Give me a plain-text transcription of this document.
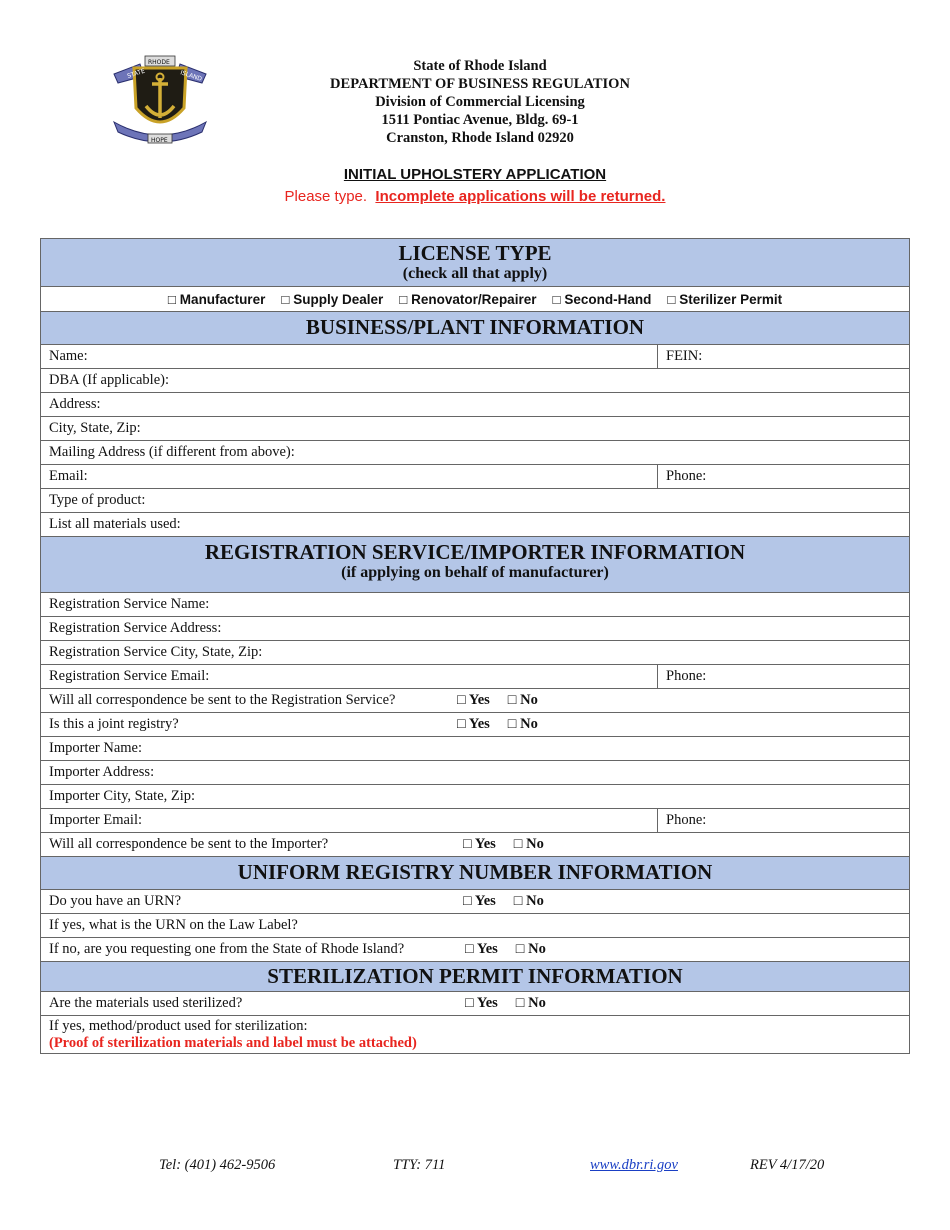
STATE
RHODE
ISLAND
HOPE
State of Rhode Island
DEPARTMENT OF BUSINESS REGULATION
Division of Commercial Licensing
1511 Pontiac Avenue, Bldg. 69-1
Cranston, Rhode Island 02920
INITIAL UPHOLSTERY APPLICATION
Please type. Incomplete applications will be returned.
LICENSE TYPE
(check all that apply)
□ Manufacturer □ Supply Dealer □ Renovator/Repairer □ Second-Hand □ Sterilizer Permit
BUSINESS/PLANT INFORMATION
Name:	FEIN:
DBA (If applicable):
Address:
City, State, Zip:
Mailing Address (if different from above):
Email:	Phone:
Type of product:
List all materials used:
REGISTRATION SERVICE/IMPORTER INFORMATION
(if applying on behalf of manufacturer)
Registration Service Name:
Registration Service Address:
Registration Service City, State, Zip:
Registration Service Email:	Phone:
Will all correspondence be sent to the Registration Service?	□ Yes □ No
Is this a joint registry?	□ Yes □ No
Importer Name:
Importer Address:
Importer City, State, Zip:
Importer Email:	Phone:
Will all correspondence be sent to the Importer?	□ Yes □ No
UNIFORM REGISTRY NUMBER INFORMATION
Do you have an URN?	□ Yes □ No
If yes, what is the URN on the Law Label?
If no, are you requesting one from the State of Rhode Island?	□ Yes □ No
STERILIZATION PERMIT INFORMATION
Are the materials used sterilized?	□ Yes □ No
If yes, method/product used for sterilization:
(Proof of sterilization materials and label must be attached)
Tel: (401) 462-9506	TTY: 711	www.dbr.ri.gov	REV 4/17/20
